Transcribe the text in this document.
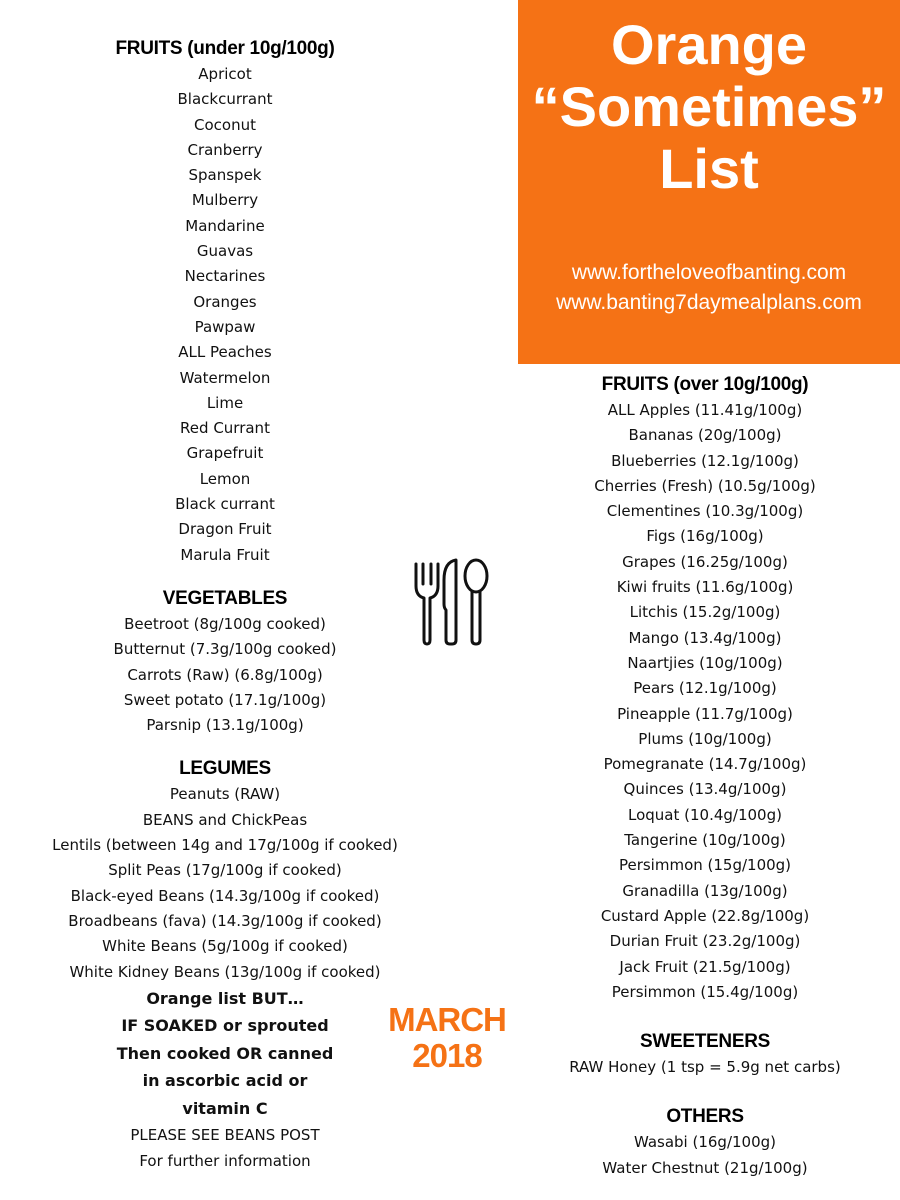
FRUITS (under 10g/100g)
Apricot
Blackcurrant
Coconut
Cranberry
Spanspek
Mulberry
Mandarine
Guavas
Nectarines
Oranges
Pawpaw
ALL Peaches
Watermelon
Lime
Red Currant
Grapefruit
Lemon
Black currant
Dragon Fruit
Marula Fruit
VEGETABLES
Beetroot (8g/100g cooked)
Butternut (7.3g/100g cooked)
Carrots (Raw) (6.8g/100g)
Sweet potato (17.1g/100g)
Parsnip (13.1g/100g)
LEGUMES
Peanuts (RAW)
BEANS and ChickPeas
Lentils (between 14g and 17g/100g if cooked)
Split Peas (17g/100g if cooked)
Black-eyed Beans (14.3g/100g if cooked)
Broadbeans (fava) (14.3g/100g if cooked)
White Beans (5g/100g if cooked)
White Kidney Beans (13g/100g if cooked)
Orange list BUT…
IF SOAKED or sprouted
Then cooked OR canned
in ascorbic acid or
vitamin C
PLEASE SEE BEANS POST
For further information
Orange
“Sometimes”
List
www.fortheloveofbanting.com
www.banting7daymealplans.com
FRUITS (over 10g/100g)
ALL Apples (11.41g/100g)
Bananas (20g/100g)
Blueberries (12.1g/100g)
Cherries (Fresh) (10.5g/100g)
Clementines (10.3g/100g)
Figs (16g/100g)
Grapes (16.25g/100g)
Kiwi fruits (11.6g/100g)
Litchis (15.2g/100g)
Mango (13.4g/100g)
Naartjies (10g/100g)
Pears (12.1g/100g)
Pineapple (11.7g/100g)
Plums (10g/100g)
Pomegranate (14.7g/100g)
Quinces (13.4g/100g)
Loquat (10.4g/100g)
Tangerine (10g/100g)
Persimmon (15g/100g)
Granadilla (13g/100g)
Custard Apple (22.8g/100g)
Durian Fruit (23.2g/100g)
Jack Fruit (21.5g/100g)
Persimmon (15.4g/100g)
SWEETENERS
RAW Honey (1 tsp = 5.9g net carbs)
OTHERS
Wasabi (16g/100g)
Water Chestnut (21g/100g)
MARCH
2018
